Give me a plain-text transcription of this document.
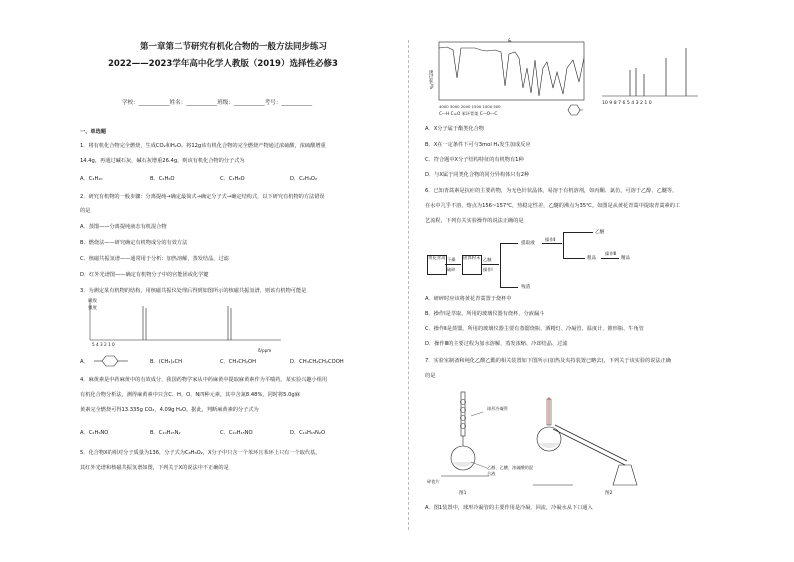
第一章第二节研究有机化合物的一般方法同步练习
2022——2023学年高中化学人教版（2019）选择性必修3
学校：___________姓名：___________班级：___________考号：___________
一、单选题
1．将有机化合物完全燃烧，生成CO₂和H₂O。将12g该有机化合物的完全燃烧产物通过浓硫酸，浓硫酸增重
14.4g，再通过碱石灰，碱石灰增重26.4g，则该有机化合物的分子式为
A．C₄H₁₀	B．C₂H₆O	C．C₃H₈O	D．C₂H₄O₂
2．研究有机物的一般步骤：分离提纯→确定最简式→确定分子式→确定结构式，以下研究有机物的方法错误
的是
A．蒸馏——分离提纯液态有机混合物
B．燃烧法——研究确定有机物成分的有效方法
C．核磁共振氢谱——通常用于分析：加热溶解，蒸发结晶，过滤
D．红外光谱图——确定有机物分子中的官能团或化学键
3．为测定某有机物的结构，用核磁共振仪处理后得到如图所示的核磁共振氢谱，则该有机物可能是
吸收
强度
5 4 3 2 1 0
δ/ppm
A．	B．(CH₃)₂CH	C．CH₃CH₂OH	D．CH₃CH₂CH₂COOH
4．麻黄素是中药麻黄中的有效成分，我国药物学家从中药麻黄中提取麻黄素作为平喘药。某实验兴趣小组用
有机化合物分析法，测得麻黄素中只含C、H、O、N四种元素，其中含氮8.48%，同时将5.0g麻
黄素完全燃烧可得13.335g CO₂，4.09g H₂O，据此，判断麻黄素的分子式为
A．C₂H₅NO	B．C₁₀H₁₅N₂	C．C₁₀H₁₅NO	D．C₁₀H₁₅N₂O
5．化合物X的相对分子质量为136，分子式为C₈H₈O₂，X分子中只含一个苯环且苯环上只有一个取代基，
其红外光谱和核磁共振氢谱如图，下列关于X的说法中不正确的是
透过率/%
&
4000 3000 2000 1500 1000 500
C—H C=O 苯环骨架 C—O—C
10 9 8 7 6 5 4 3 2 1 0
A．X分子属于酯类化合物
B．X在一定条件下可与3mol H₂发生加成反应
C．符合题中X分子结构特征的有机物有1种
D．与X属于同类化合物的同分异构体只有2种
6．已知青蒿素是抗疟的主要药物，为无色针状晶体，易溶于有机溶剂，如丙酮、氯仿，可溶于乙醇、乙醚等，
在水中几乎不溶，熔点为156~157℃，热稳定性差，乙醚的沸点为35℃。如图是从黄花青蒿中提取青蒿素的工
艺流程，下列有关实验操作的说法正确的是
黄花青蒿 干燥
破碎
固体粉末 乙醚
操作Ⅰ
提取液
残渣
操作Ⅱ
乙醚
粗品
操作Ⅲ
精品
A．研碎时应该将黄花青蒿置于烧杯中
B．操作Ⅰ是萃取，所用的玻璃仪器有烧杯、分液漏斗
C．操作Ⅱ是蒸馏，所用的玻璃仪器主要有蒸馏烧瓶、酒精灯、冷凝管、温度计、锥形瓶、牛角管
D．操作Ⅲ的主要过程为加水溶解、蒸发浓缩、冷却结晶、过滤
7．实验室制备和纯化乙酸乙酯的相关装置如下图所示(加热及夹持装置已略去)，下列关于该实验的说法正确
的是
球形冷凝管
乙醇、乙酸、浓硫酸的混合液
碎瓷片
图1	图2
A．图1装置中，球形冷凝管的主要作用是冷凝、回流，冷凝水从下口通入
